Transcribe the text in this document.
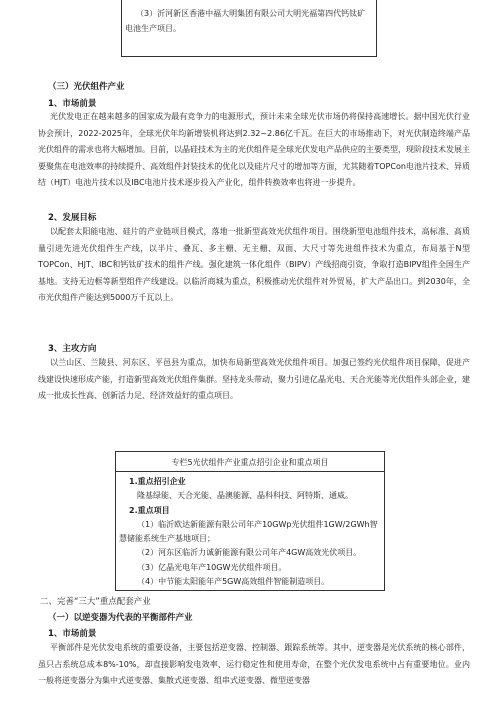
（3）沂河新区香港中福大明集团有限公司大明光福第四代钙钛矿电池生产项目。

（三）光伏组件产业
1、市场前景

光伏发电正在越来越多的国家成为最有竞争力的电源形式，预计未来全球光伏市场仍将保持高速增长。据中国光伏行业协会预计，2022-2025年，全球光伏年均新增装机将达到2.32~2.86亿千瓦。在巨大的市场推动下，对光伏制造终端产品光伏组件的需求也将大幅增加。目前，以晶硅技术为主的光伏组件是全球光伏发电产品供应的主要类型，现阶段技术发展主要聚焦在电池效率的持续提升、高效组件封装技术的优化以及硅片尺寸的增加等方面，尤其随着TOPCon电池片技术、异质结（HJT）电池片技术以及IBC电池片技术逐步投入产业化，组件转换效率也将进一步提升。

2、发展目标

以配套太阳能电池、硅片的产业链项目模式，落地一批新型高效光伏组件项目。围绕新型电池组件技术，高标准、高质量引进先进光伏组件生产线，以半片、叠瓦、多主栅、无主栅、双面、大尺寸等先进组件技术为重点，布局基于N型TOPCon、HJT、IBC和钙钛矿技术的组件产线。强化建筑一体化组件（BIPV）产线招商引资，争取打造BIPV组件全国生产基地。支持无边框等新型组件产线建设。以临沂商城为重点，积极推动光伏组件对外贸易，扩大产品出口。到2030年，全市光伏组件产能达到5000万千瓦以上。

3、主攻方向

以兰山区、兰陵县、河东区、平邑县为重点，加快布局新型高效光伏组件项目。加强已签约光伏组件项目保障，促进产线建设快速形成产能，打造新型高效光伏组件集群。坚持龙头带动，聚力引进亿晶光电、天合光能等光伏组件头部企业，建成一批成长性高、创新活力足、经济效益好的重点项目。

专栏5光伏组件产业重点招引企业和重点项目

1.重点招引企业

隆基绿能、天合光能、晶澳能源、晶科科技、阿特斯、通威。

2.重点项目

（1）临沂欧达新能源有限公司年产10GWp光伏组件1GW/2GWh智慧储能系统生产基地项目；

（2）河东区临沂力诚新能源有限公司年产4GW高效光伏项目。

（3）亿晶光电年产10GW光伏组件项目。

（4）中节能太阳能年产5GW高效组件智能制造项目。

二、完善“三大”重点配套产业
（一）以逆变器为代表的平衡部件产业
1、市场前景

平衡部件是光伏发电系统的重要设备，主要包括逆变器、控制器、跟踪系统等。其中，逆变器是光伏系统的核心部件，虽只占系统总成本8%-10%，却直接影响发电效率、运行稳定性和使用寿命，在整个光伏发电系统中占有重要地位。业内一般将逆变器分为集中式逆变器、集散式逆变器、组串式逆变器、微型逆变器
